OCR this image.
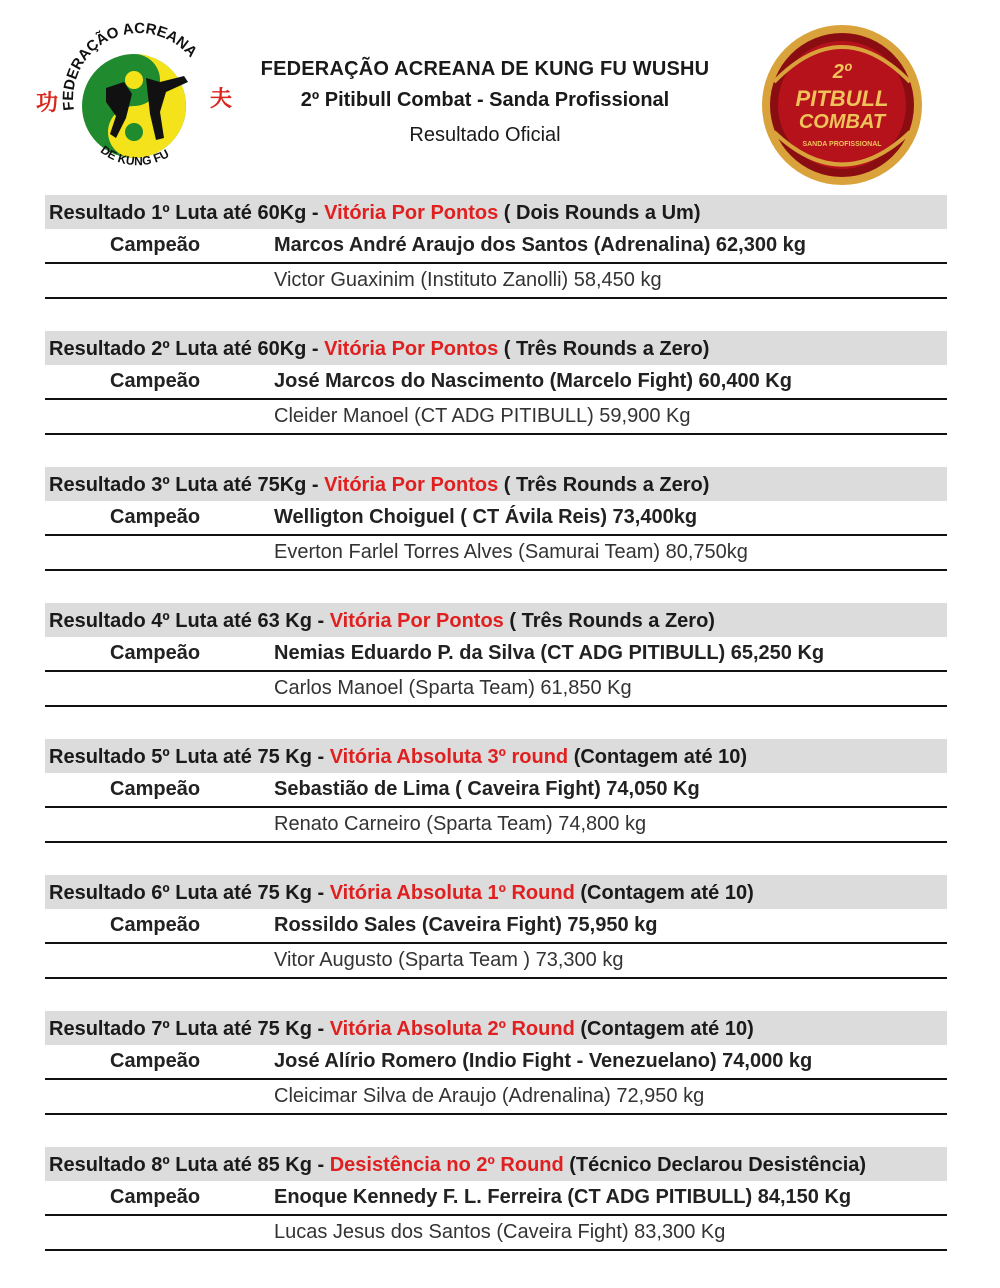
FEDERAÇÃO ACREANA
功	夫
DE KUNG FU
FEDERAÇÃO ACREANA DE KUNG FU WUSHU
2º Pitibull Combat - Sanda Profissional
Resultado Oficial
2º
PITBULL
COMBAT
SANDA PROFISSIONAL
Resultado 1º Luta até 60Kg - Vitória Por Pontos ( Dois Rounds a Um)
Campeão	Marcos André Araujo dos Santos (Adrenalina) 62,300 kg
Victor Guaxinim (Instituto Zanolli) 58,450 kg
Resultado 2º Luta até 60Kg - Vitória Por Pontos ( Três Rounds a Zero)
Campeão	José Marcos do Nascimento (Marcelo Fight) 60,400 Kg
Cleider Manoel (CT ADG PITIBULL) 59,900 Kg
Resultado 3º Luta até 75Kg - Vitória Por Pontos ( Três Rounds a Zero)
Campeão	Welligton Choiguel ( CT Ávila Reis) 73,400kg
Everton Farlel Torres Alves (Samurai Team) 80,750kg
Resultado 4º Luta até 63 Kg - Vitória Por Pontos ( Três Rounds a Zero)
Campeão	Nemias Eduardo P. da Silva (CT ADG PITIBULL) 65,250 Kg
Carlos Manoel (Sparta Team) 61,850 Kg
Resultado 5º Luta até 75 Kg - Vitória Absoluta 3º round (Contagem até 10)
Campeão	Sebastião de Lima ( Caveira Fight) 74,050 Kg
Renato Carneiro (Sparta Team) 74,800 kg
Resultado 6º Luta até 75 Kg - Vitória Absoluta 1º Round (Contagem até 10)
Campeão	Rossildo Sales (Caveira Fight) 75,950 kg
Vitor Augusto (Sparta Team ) 73,300 kg
Resultado 7º Luta até 75 Kg - Vitória Absoluta 2º Round (Contagem até 10)
Campeão	José Alírio Romero (Indio Fight - Venezuelano) 74,000 kg
Cleicimar Silva de Araujo (Adrenalina) 72,950 kg
Resultado 8º Luta até 85 Kg - Desistência no 2º Round (Técnico Declarou Desistência)
Campeão	Enoque Kennedy F. L. Ferreira (CT ADG PITIBULL) 84,150 Kg
Lucas Jesus dos Santos (Caveira Fight) 83,300 Kg
